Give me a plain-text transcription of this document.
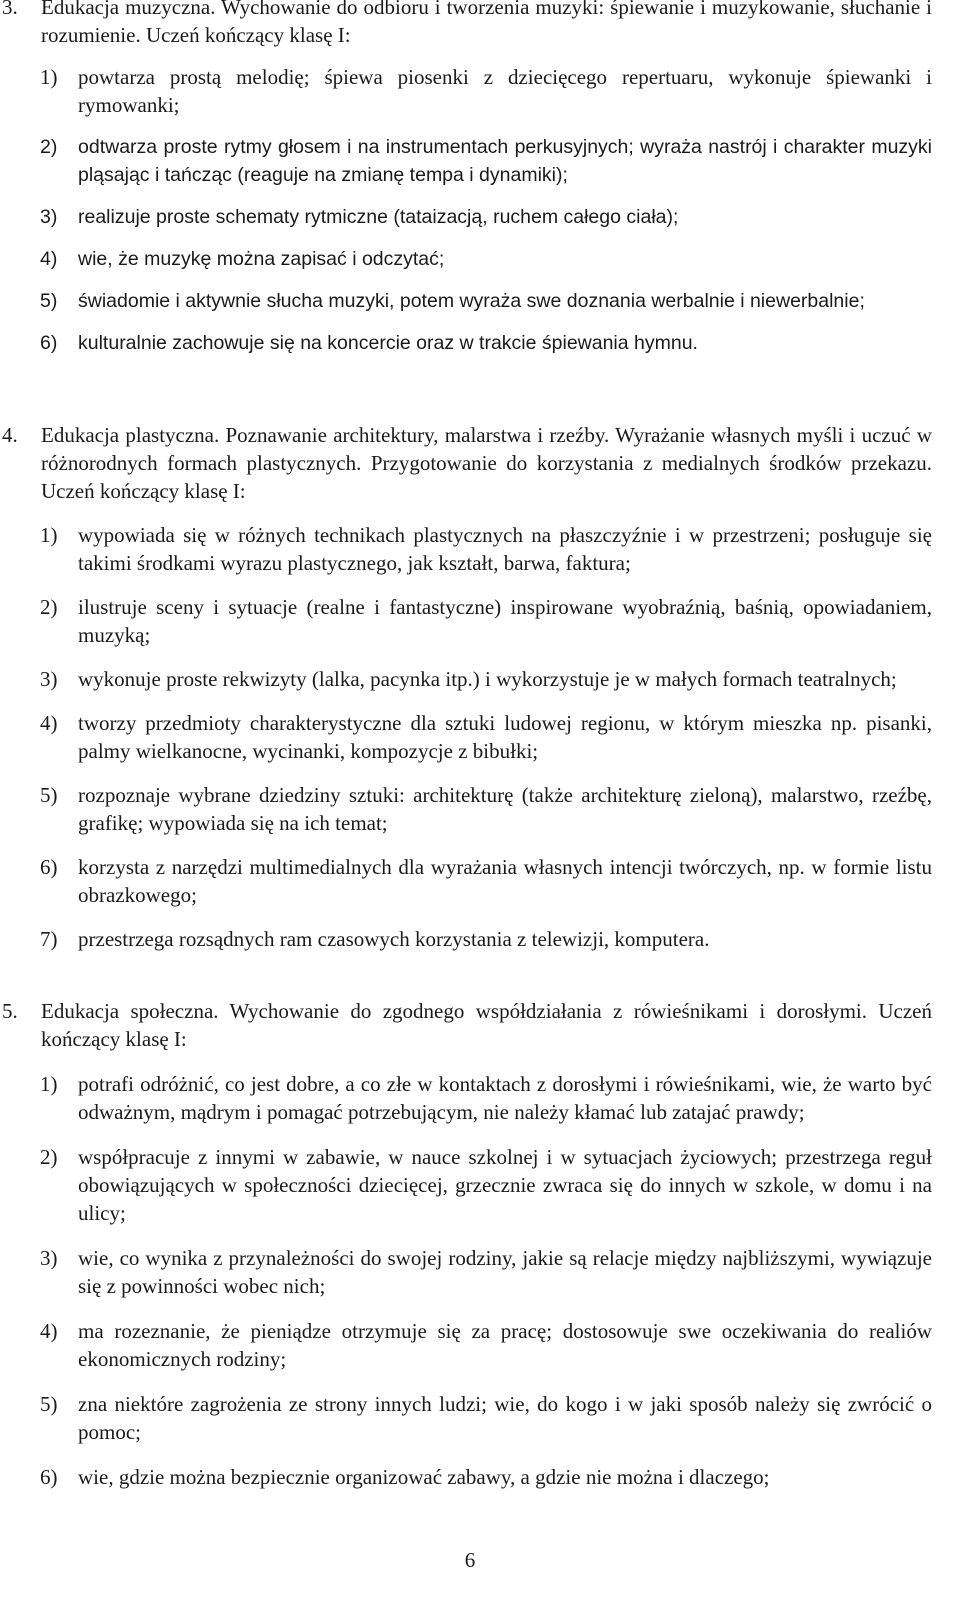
3. Edukacja muzyczna. Wychowanie do odbioru i tworzenia muzyki: śpiewanie i muzykowanie, słuchanie i rozumienie. Uczeń kończący klasę I:
1) powtarza prostą melodię; śpiewa piosenki z dziecięcego repertuaru, wykonuje śpiewanki i rymowanki;
2) odtwarza proste rytmy głosem i na instrumentach perkusyjnych; wyraża nastrój i charakter muzyki pląsając i tańcząc (reaguje na zmianę tempa i dynamiki);
3) realizuje proste schematy rytmiczne (tataizacją, ruchem całego ciała);
4) wie, że muzykę można zapisać i odczytać;
5) świadomie i aktywnie słucha muzyki, potem wyraża swe doznania werbalnie i niewerbalnie;
6) kulturalnie zachowuje się na koncercie oraz w trakcie śpiewania hymnu.
4. Edukacja plastyczna. Poznawanie architektury, malarstwa i rzeźby. Wyrażanie własnych myśli i uczuć w różnorodnych formach plastycznych. Przygotowanie do korzystania z medialnych środków przekazu. Uczeń kończący klasę I:
1) wypowiada się w różnych technikach plastycznych na płaszczyźnie i w przestrzeni; posługuje się takimi środkami wyrazu plastycznego, jak kształt, barwa, faktura;
2) ilustruje sceny i sytuacje (realne i fantastyczne) inspirowane wyobraźnią, baśnią, opowiadaniem, muzyką;
3) wykonuje proste rekwizyty (lalka, pacynka itp.) i wykorzystuje je w małych formach teatralnych;
4) tworzy przedmioty charakterystyczne dla sztuki ludowej regionu, w którym mieszka np. pisanki, palmy wielkanocne, wycinanki, kompozycje z bibułki;
5) rozpoznaje wybrane dziedziny sztuki: architekturę (także architekturę zieloną), malarstwo, rzeźbę, grafikę; wypowiada się na ich temat;
6) korzysta z narzędzi multimedialnych dla wyrażania własnych intencji twórczych, np. w formie listu obrazkowego;
7) przestrzega rozsądnych ram czasowych korzystania z telewizji, komputera.
5. Edukacja społeczna. Wychowanie do zgodnego współdziałania z rówieśnikami i dorosłymi. Uczeń kończący klasę I:
1) potrafi odróżnić, co jest dobre, a co złe w kontaktach z dorosłymi i rówieśnikami, wie, że warto być odważnym, mądrym i pomagać potrzebującym, nie należy kłamać lub zatajać prawdy;
2) współpracuje z innymi w zabawie, w nauce szkolnej i w sytuacjach życiowych; przestrzega reguł obowiązujących w społeczności dziecięcej, grzecznie zwraca się do innych w szkole, w domu i na ulicy;
3) wie, co wynika z przynależności do swojej rodziny, jakie są relacje między najbliższymi, wywiązuje się z powinności wobec nich;
4) ma rozeznanie, że pieniądze otrzymuje się za pracę; dostosowuje swe oczekiwania do realiów ekonomicznych rodziny;
5) zna niektóre zagrożenia ze strony innych ludzi; wie, do kogo i w jaki sposób należy się zwrócić o pomoc;
6) wie, gdzie można bezpiecznie organizować zabawy, a gdzie nie można i dlaczego;
6
